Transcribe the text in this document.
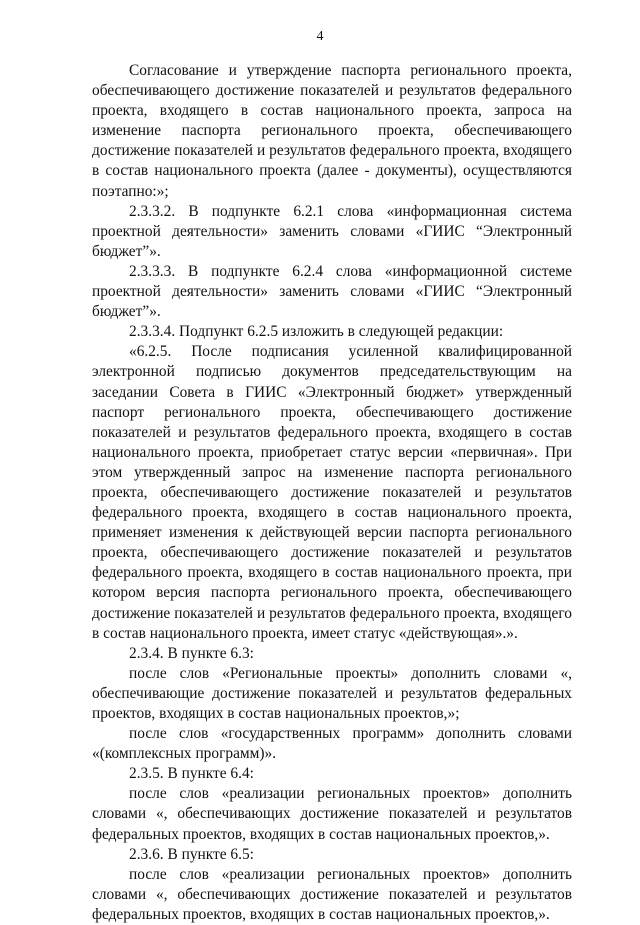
4

Согласование и утверждение паспорта регионального проекта, обеспечивающего достижение показателей и результатов федерального проекта, входящего в состав национального проекта, запроса на изменение паспорта регионального проекта, обеспечивающего достижение показателей и результатов федерального проекта, входящего в состав национального проекта (далее - документы), осуществляются поэтапно:»;

2.3.3.2. В подпункте 6.2.1 слова «информационная система проектной деятельности» заменить словами «ГИИС “Электронный бюджет”».

2.3.3.3. В подпункте 6.2.4 слова «информационной системе проектной деятельности» заменить словами «ГИИС “Электронный бюджет”».

2.3.3.4. Подпункт 6.2.5 изложить в следующей редакции:

«6.2.5. После подписания усиленной квалифицированной электронной подписью документов председательствующим на заседании Совета в ГИИС «Электронный бюджет» утвержденный паспорт регионального проекта, обеспечивающего достижение показателей и результатов федерального проекта, входящего в состав национального проекта, приобретает статус версии «первичная». При этом утвержденный запрос на изменение паспорта регионального проекта, обеспечивающего достижение показателей и результатов федерального проекта, входящего в состав национального проекта, применяет изменения к действующей версии паспорта регионального проекта, обеспечивающего достижение показателей и результатов федерального проекта, входящего в состав национального проекта, при котором версия паспорта регионального проекта, обеспечивающего достижение показателей и результатов федерального проекта, входящего в состав национального проекта, имеет статус «действующая».».

2.3.4. В пункте 6.3:

после слов «Региональные проекты» дополнить словами «, обеспечивающие достижение показателей и результатов федеральных проектов, входящих в состав национальных проектов,»;

после слов «государственных программ» дополнить словами «(комплексных программ)».

2.3.5. В пункте 6.4:

после слов «реализации региональных проектов» дополнить словами «, обеспечивающих достижение показателей и результатов федеральных проектов, входящих в состав национальных проектов,».

2.3.6. В пункте 6.5:

после слов «реализации региональных проектов» дополнить словами «, обеспечивающих достижение показателей и результатов федеральных проектов, входящих в состав национальных проектов,».
